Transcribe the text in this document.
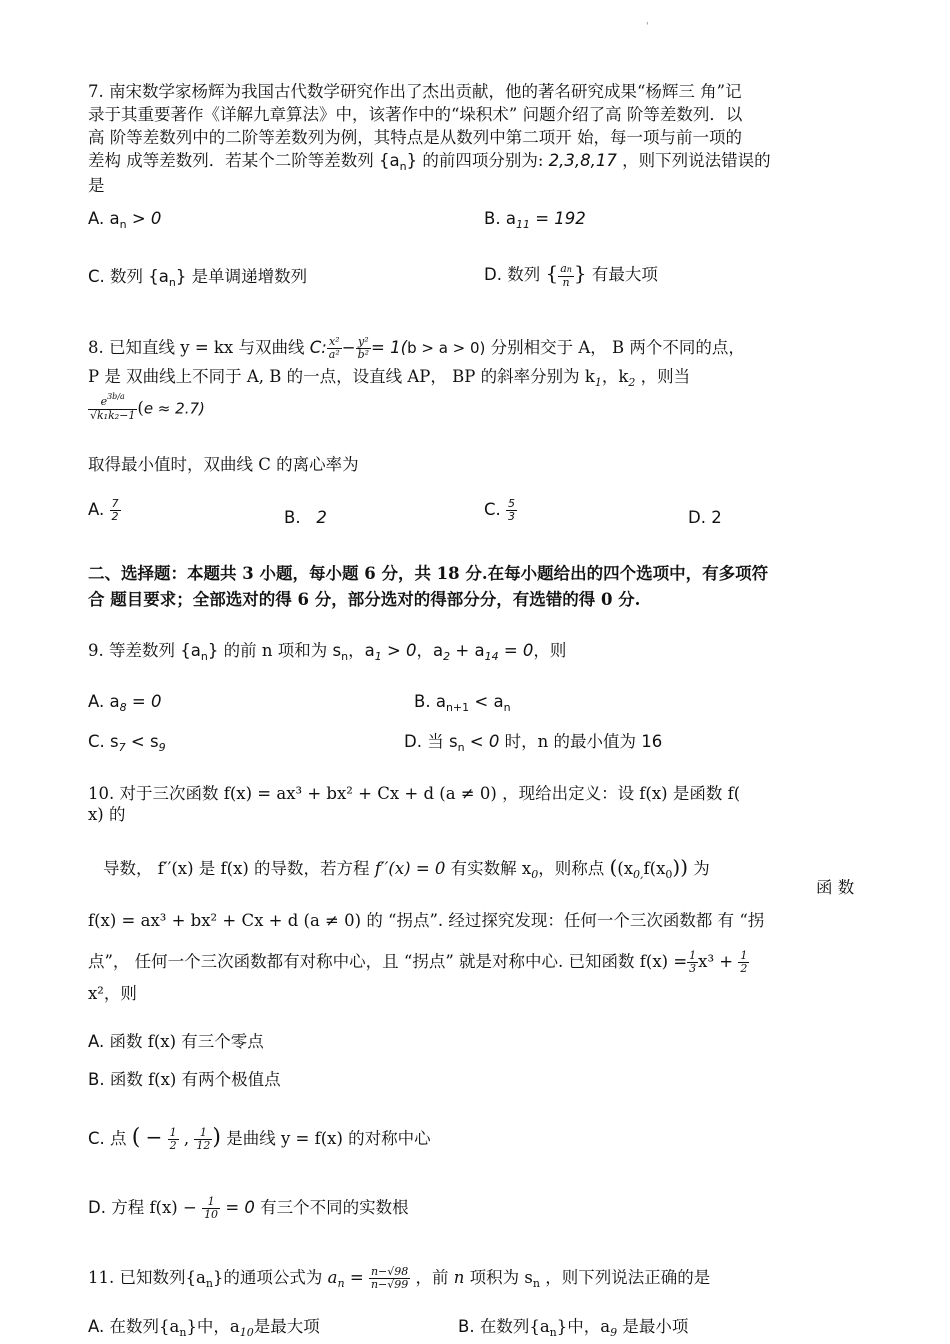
'
7. 南宋数学家杨辉为我国古代数学研究作出了杰出贡献，他的著名研究成果“杨辉三 角”记
录于其重要著作《详解九章算法》中，该著作中的“垛积术” 问题介绍了高 阶等差数列．以
高 阶等差数列中的二阶等差数列为例，其特点是从数列中第二项开 始，每一项与前一项的
差构 成等差数列．若某个二阶等差数列 $\{a_n\}$ 的前四项分别为: 2,3,8,17 ，则下列说法错误的
是
A. $a_n > 0$	B. $a_{11} = 192$
C. 数列 $\{a_n\}$ 是单调递增数列	D. 数列 { $\frac{an}{n}$ } 有最大项
8. 已知直线 y = kx 与双曲线 C: $\frac{\text{x²}}{\text{a²}} - \frac{\text{y²}}{\text{b²}} = 1(b > a > 0)$ 分别相交于 A， B 两个不同的点，
P 是 双曲线上不同于 A, B 的一点，设直线 AP， BP 的斜率分别为 $k_1$，$k_2$ ，则当
$\frac{e^{3b/a}}{\text{√k₁k₂−1}} (e \approx 2.7)$
取得最小值时，双曲线 C 的离心率为
A. $\frac{7}{2}$	B. 2	C. $\frac{5}{3}$	D. 2
二、选择题：本题共 3 小题，每小题 6 分，共 18 分.在每小题给出的四个选项中，有多项符
合 题目要求；全部选对的得 6 分，部分选对的得部分分，有选错的得 0 分.
9. 等差数列 $\{a_n\}$ 的前 n 项和为 $s_n$，$a_1 > 0$，$a_2 + a_{14} = 0$，则
A. $a_8 = 0$	B. $a_{n+1} < a_n$
C. $s_7 < s_9$	D. 当 $s_n < 0$ 时，n 的最小值为 16
10. 对于三次函数 f(x) = ax³ + bx² + Cx + d (a ≠ 0) ，现给出定义：设 f(x) 是函数 f(
x) 的
导数， f′′(x) 是 f(x) 的导数，若方程 f′′(x) = 0 有实数解 $x_0$，则称点 ($(x_{0,}f(x_0))$ 为
函 数
f(x) = ax³ + bx² + Cx + d (a ≠ 0) 的 “拐点”. 经过探究发现：任何一个三次函数都 有 “拐
点”， 任何一个三次函数都有对称中心，且 “拐点” 就是对称中心. 已知函数 $f(x) = \frac{1}{3} x^3 + \frac{1}{2}$
x²，则
A. 函数 f(x) 有三个零点
B. 函数 f(x) 有两个极值点
C. 点 ( − $\frac{1}{2}$ , $\frac{1}{12}$ ) 是曲线 y = f(x) 的对称中心
D. 方程 $f(x) - \frac{1}{10} = 0$ 有三个不同的实数根
11. 已知数列$\{a_n\}$的通项公式为 $a_n = \frac{n-√98}{n-√99}$ ，前 n 项积为 $s_n$ ，则下列说法正确的是
A. 在数列$\{a_n\}$中，$a_{10}$是最大项	B. 在数列$\{a_n\}$中，$a_9$ 是最小项
